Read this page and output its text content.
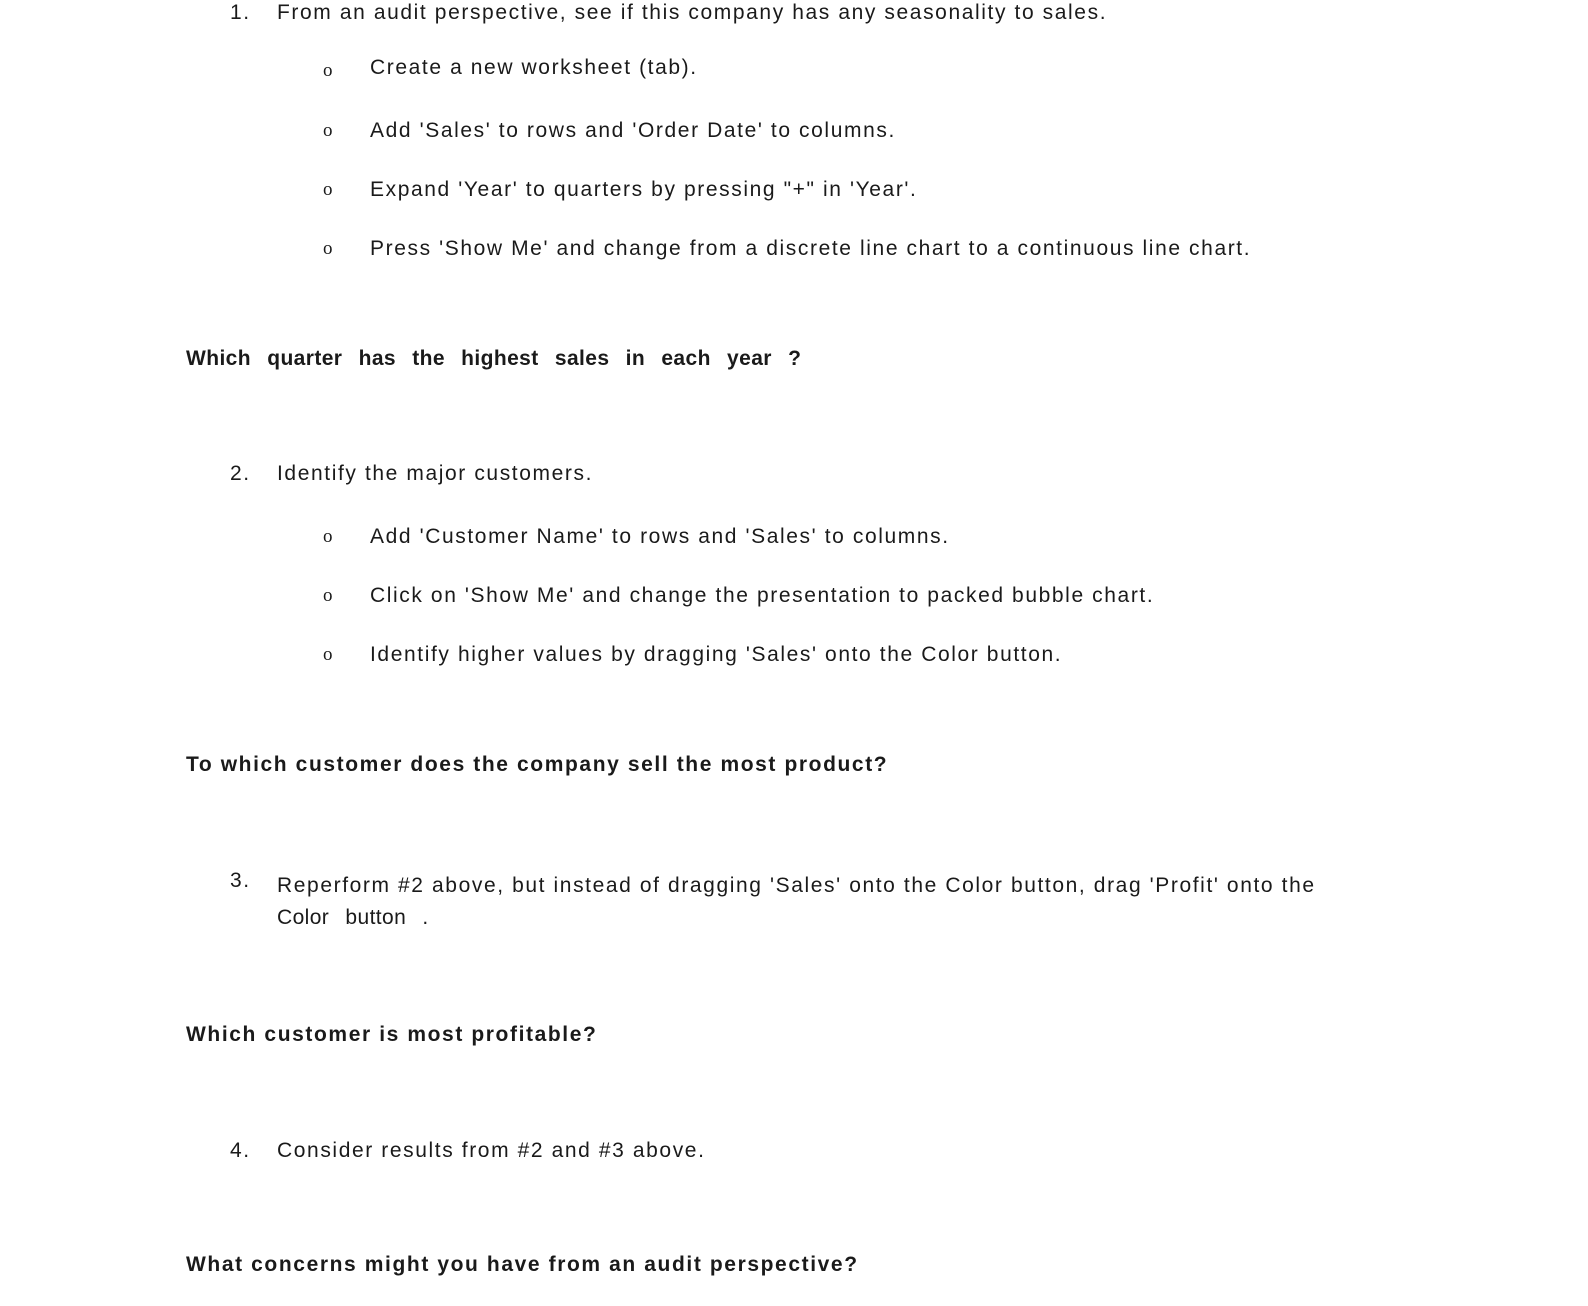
1. From an audit perspective, see if this company has any seasonality to sales.
o Create a new worksheet (tab).
o Add 'Sales' to rows and 'Order Date' to columns.
o Expand 'Year' to quarters by pressing "+" in 'Year'.
o Press 'Show Me' and change from a discrete line chart to a continuous line chart.
Which quarter has the highest sales in each year ?
2. Identify the major customers.
o Add 'Customer Name' to rows and 'Sales' to columns.
o Click on 'Show Me' and change the presentation to packed bubble chart.
o Identify higher values by dragging 'Sales' onto the Color button.
To which customer does the company sell the most product?
3. Reperform #2 above, but instead of dragging 'Sales' onto the Color button, drag 'Profit' onto the
Color button .
Which customer is most profitable?
4. Consider results from #2 and #3 above.
What concerns might you have from an audit perspective?
